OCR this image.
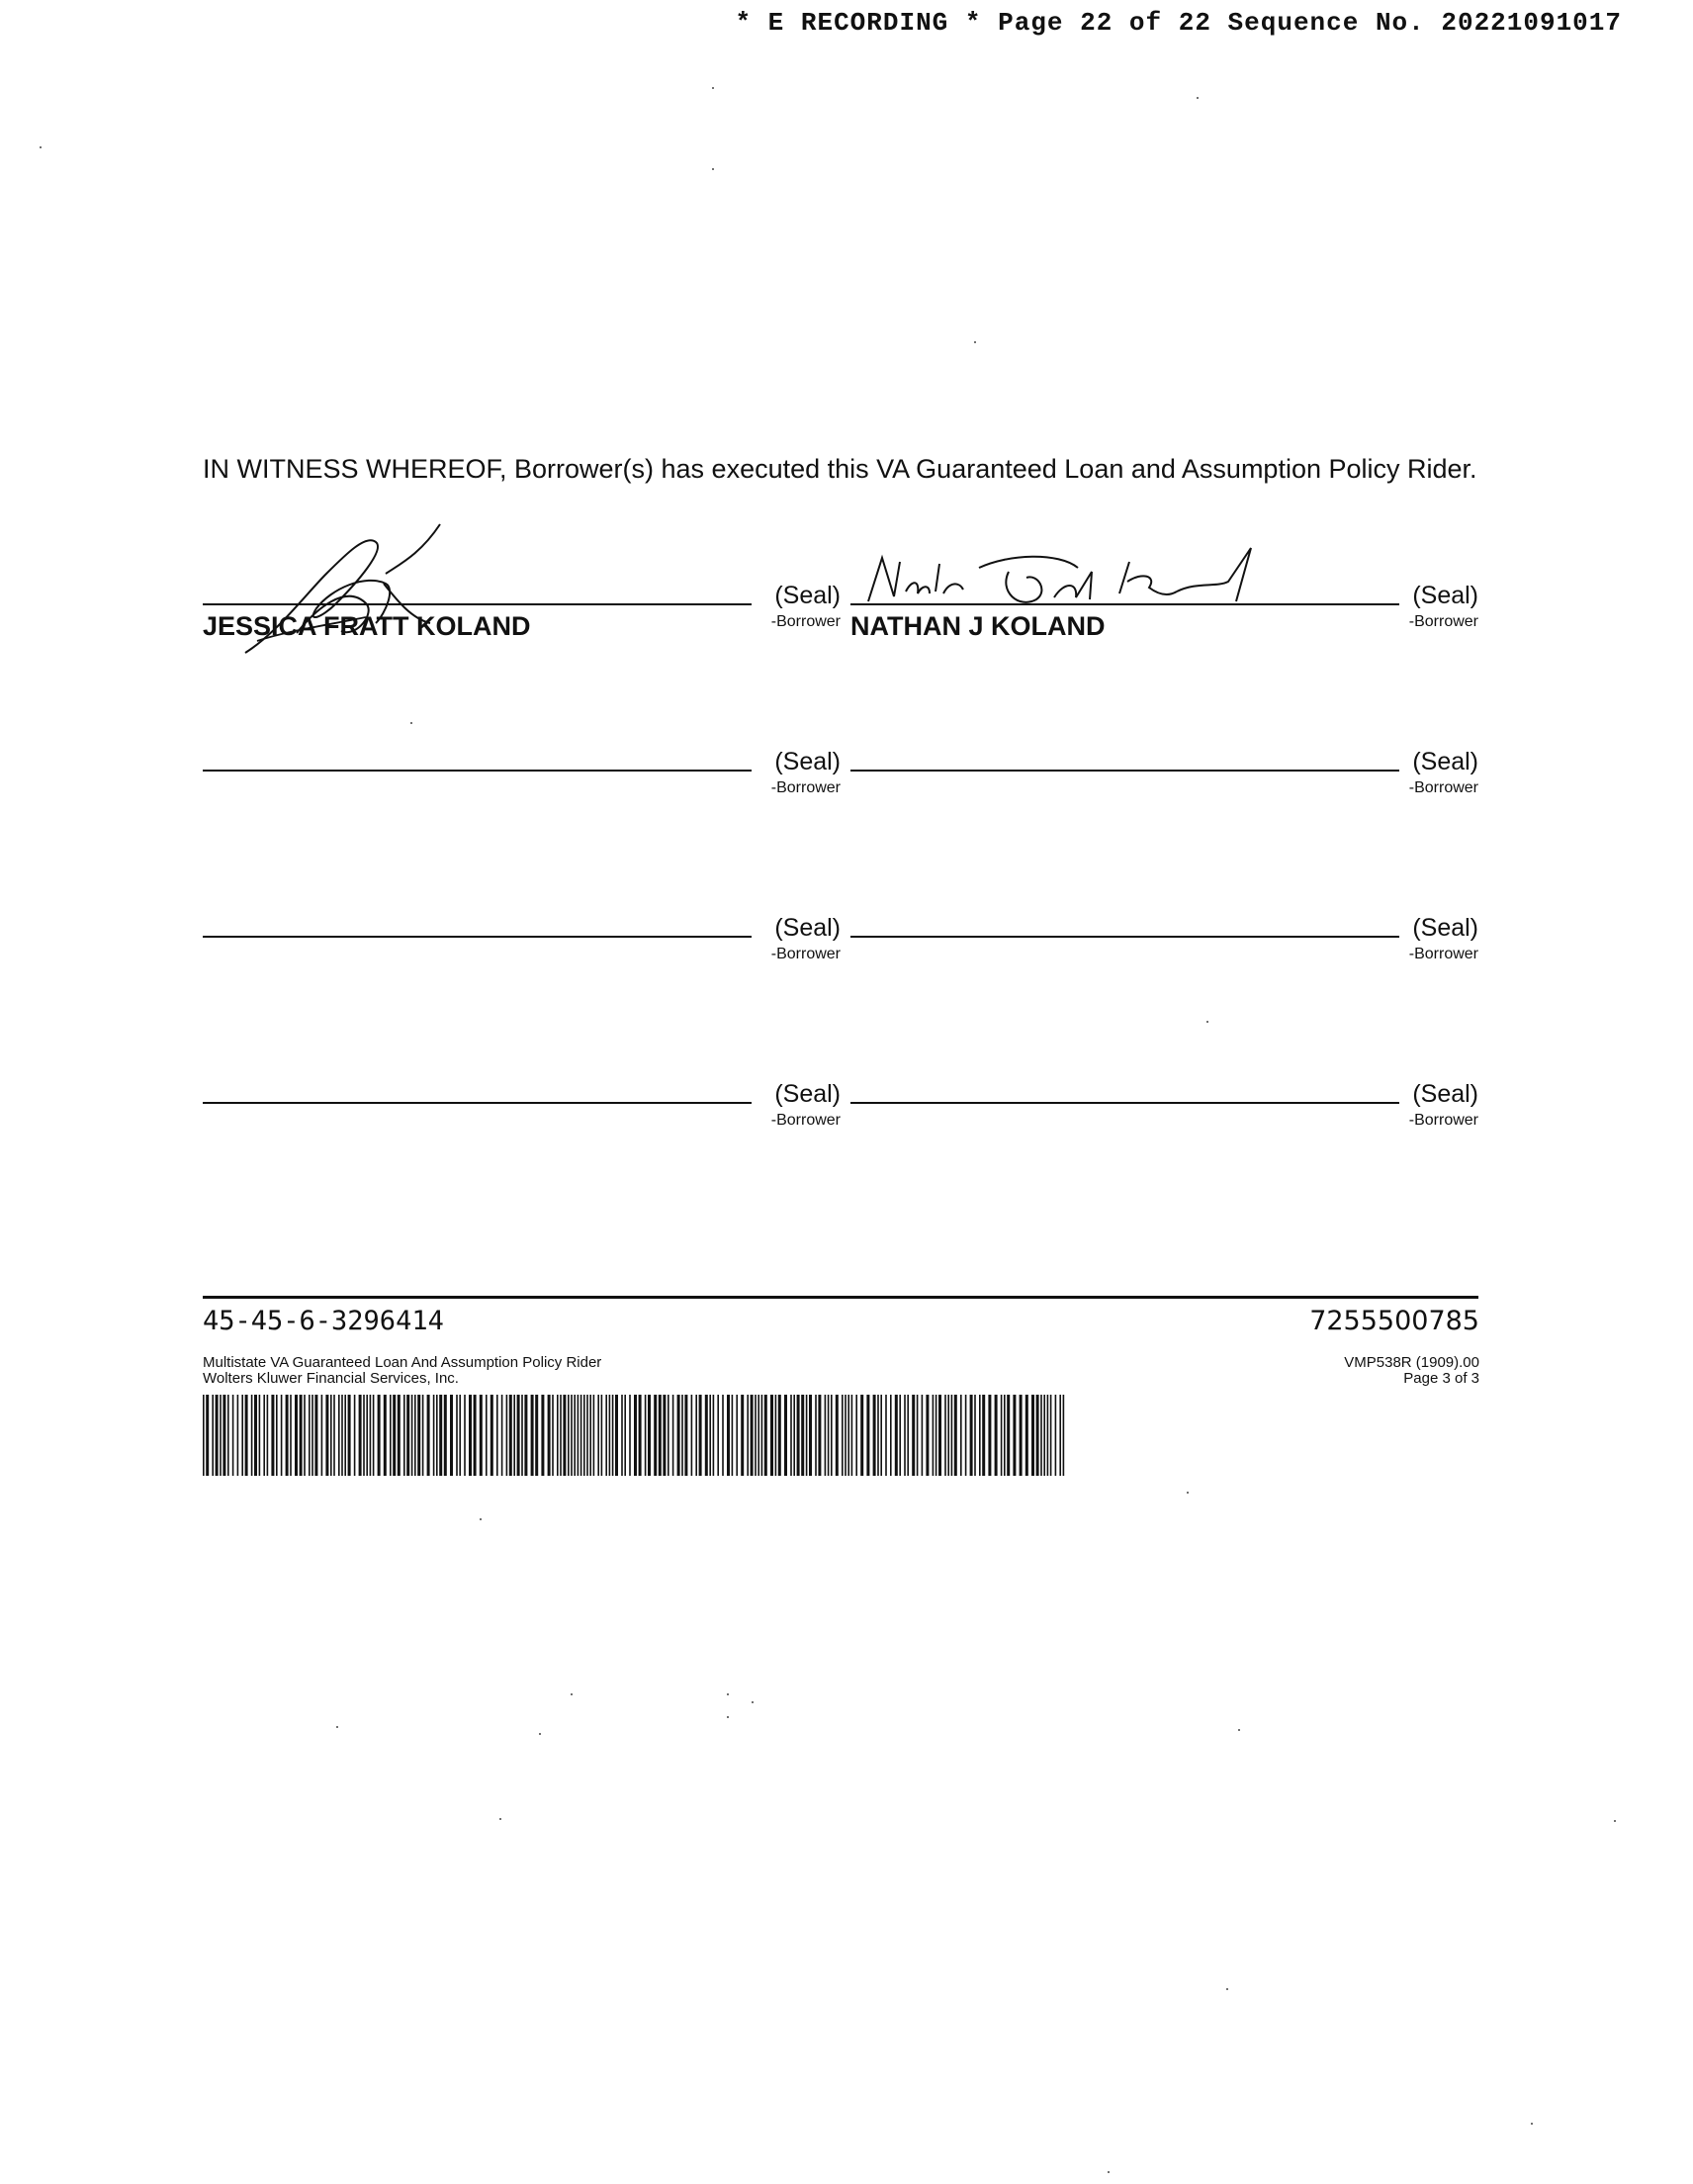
* E RECORDING * Page 22 of 22 Sequence No. 20221091017
IN WITNESS WHEREOF, Borrower(s) has executed this VA Guaranteed Loan and Assumption Policy Rider.
(Seal)
-Borrower
JESSICA FRATT KOLAND
(Seal)
-Borrower
NATHAN J KOLAND
(Seal)
-Borrower
(Seal)
-Borrower
(Seal)
-Borrower
(Seal)
-Borrower
(Seal)
-Borrower
(Seal)
-Borrower
45-45-6-3296414	7255500785
Multistate VA Guaranteed Loan And Assumption Policy Rider
Wolters Kluwer Financial Services, Inc.
VMP538R (1909).00
Page 3 of 3
